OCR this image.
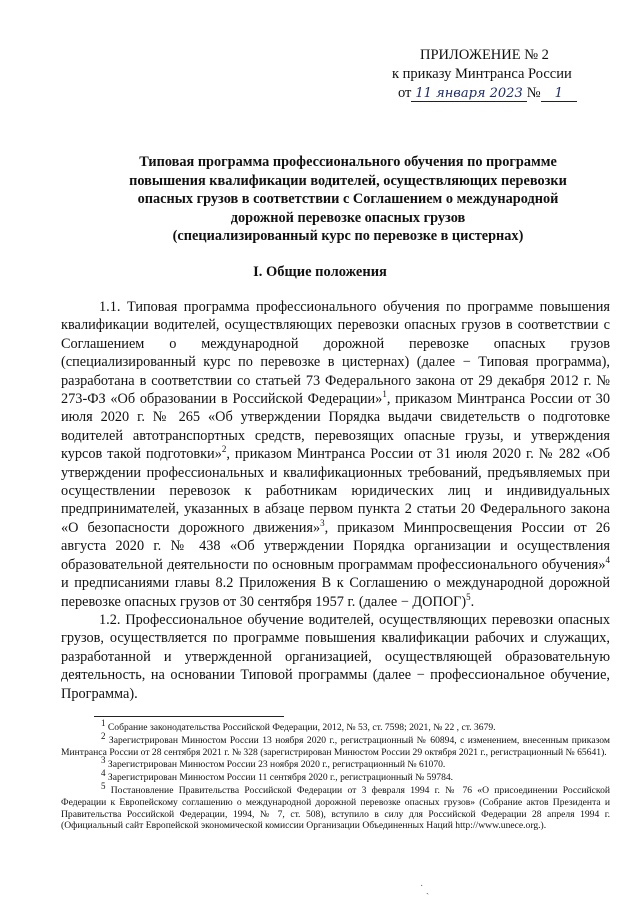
ПРИЛОЖЕНИЕ № 2
к приказу Минтранса России
от 11 января 2023 № 1
Типовая программа профессионального обучения по программе
повышения квалификации водителей, осуществляющих перевозки
опасных грузов в соответствии с Соглашением о международной
дорожной перевозке опасных грузов
(специализированный курс по перевозке в цистернах)
I. Общие положения

1.1. Типовая программа профессионального обучения по программе повышения квалификации водителей, осуществляющих перевозки опасных грузов в соответствии с Соглашением о международной дорожной перевозке опасных грузов (специализированный курс по перевозке в цистернах) (далее − Типовая программа), разработана в соответствии со статьей 73 Федерального закона от 29 декабря 2012 г. № 273-ФЗ «Об образовании в Российской Федерации»$^1$, приказом Минтранса России от 30 июля 2020 г. № 265 «Об утверждении Порядка выдачи свидетельств о подготовке водителей автотранспортных средств, перевозящих опасные грузы, и утверждения курсов такой подготовки»$^2$, приказом Минтранса России от 31 июля 2020 г. № 282 «Об утверждении профессиональных и квалификационных требований, предъявляемых при осуществлении перевозок к работникам юридических лиц и индивидуальных предпринимателей, указанных в абзаце первом пункта 2 статьи 20 Федерального закона «О безопасности дорожного движения»$^3$, приказом Минпросвещения России от 26 августа 2020 г. № 438 «Об утверждении Порядка организации и осуществления образовательной деятельности по основным программам профессионального обучения»$^4$ и предписаниями главы 8.2 Приложения В к Соглашению о международной дорожной перевозке опасных грузов от 30 сентября 1957 г. (далее − ДОПОГ)$^5$.

1.2. Профессиональное обучение водителей, осуществляющих перевозки опасных грузов, осуществляется по программе повышения квалификации рабочих и служащих, разработанной и утвержденной организацией, осуществляющей образовательную деятельность, на основании Типовой программы (далее − профессиональное обучение, Программа).

$^1$ Собрание законодательства Российской Федерации, 2012, № 53, ст. 7598; 2021, № 22 , ст. 3679.

$^2$ Зарегистрирован Минюстом России 13 ноября 2020 г., регистрационный № 60894, с изменением, внесенным приказом Минтранса России от 28 сентября 2021 г. № 328 (зарегистрирован Минюстом России 29 октября 2021 г., регистрационный № 65641).

$^3$ Зарегистрирован Минюстом России 23 ноября 2020 г., регистрационный № 61070.

$^4$ Зарегистрирован Минюстом России 11 сентября 2020 г., регистрационный № 59784.

$^5$ Постановление Правительства Российской Федерации от 3 февраля 1994 г. № 76 «О присоединении Российской Федерации к Европейскому соглашению о международной дорожной перевозке опасных грузов» (Собрание актов Президента и Правительства Российской Федерации, 1994, № 7, ст. 508), вступило в силу для Российской Федерации 28 апреля 1994 г. (Официальный сайт Европейской экономической комиссии Организации Объединенных Наций http://www.unece.org.).

˙ ˏ
